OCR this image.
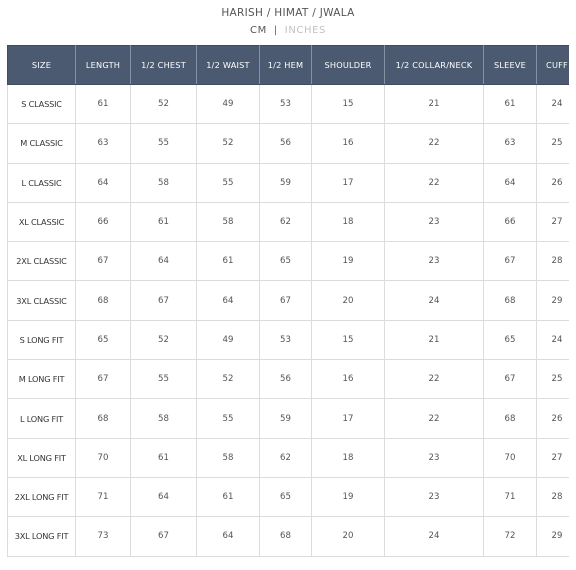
HARISH / HIMAT / JWALA
CM | INCHES
SIZE	LENGTH	1/2 CHEST	1/2 WAIST	1/2 HEM	SHOULDER	1/2 COLLAR/NECK	SLEEVE	CUFF
S CLASSIC	61	52	49	53	15	21	61	24
M CLASSIC	63	55	52	56	16	22	63	25
L CLASSIC	64	58	55	59	17	22	64	26
XL CLASSIC	66	61	58	62	18	23	66	27
2XL CLASSIC	67	64	61	65	19	23	67	28
3XL CLASSIC	68	67	64	67	20	24	68	29
S LONG FIT	65	52	49	53	15	21	65	24
M LONG FIT	67	55	52	56	16	22	67	25
L LONG FIT	68	58	55	59	17	22	68	26
XL LONG FIT	70	61	58	62	18	23	70	27
2XL LONG FIT	71	64	61	65	19	23	71	28
3XL LONG FIT	73	67	64	68	20	24	72	29
